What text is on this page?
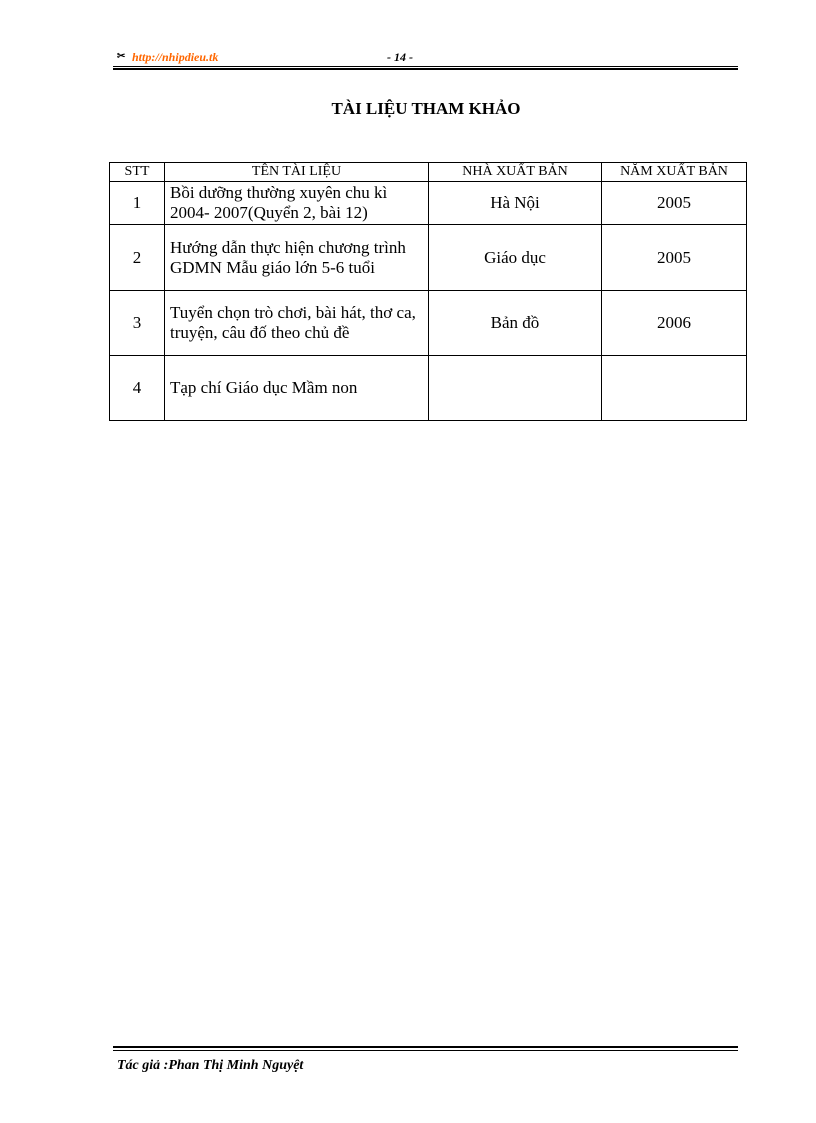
✂ http://nhipdieu.tk	- 14 -
TÀI LIỆU THAM KHẢO
STT	TÊN TÀI LIỆU	NHÀ XUẤT BẢN	NĂM XUẤT BẢN
1	Bồi dưỡng thường xuyên chu kì 2004- 2007(Quyển 2, bài 12)	Hà Nội	2005
2	Hướng dẫn thực hiện chương trình GDMN Mẫu giáo lớn 5-6 tuổi	Giáo dục	2005
3	Tuyển chọn trò chơi, bài hát, thơ ca, truyện, câu đố theo chủ đề	Bản đồ	2006
4	Tạp chí Giáo dục Mầm non		
Tác giả :Phan Thị Minh Nguyệt
